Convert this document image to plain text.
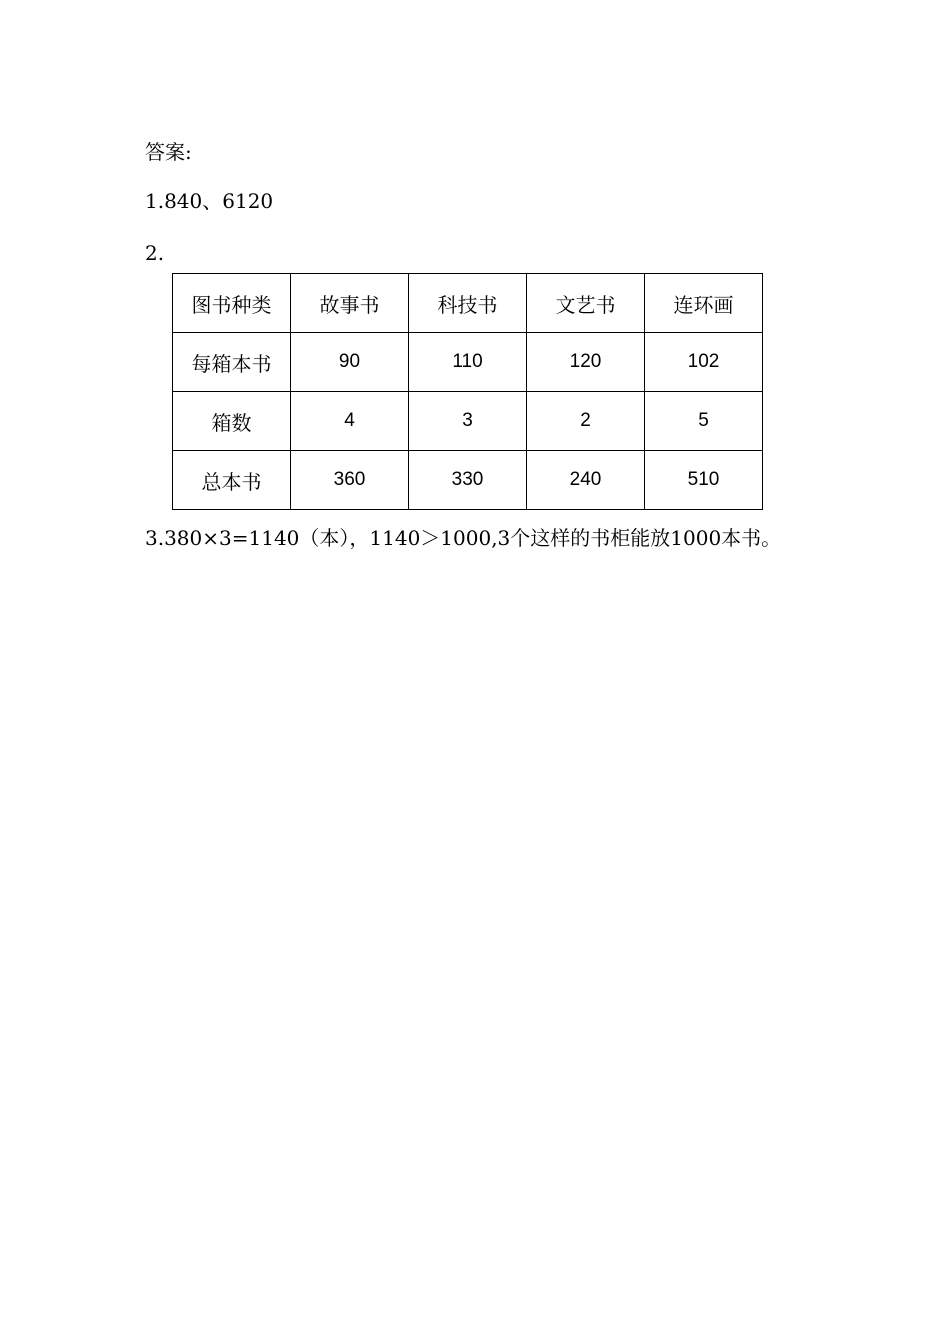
答案:
1.840、6120
2.
图书种类	故事书	科技书	文艺书	连环画
每箱本书	90	110	120	102
箱数	4	3	2	5
总本书	360	330	240	510
3.380×3=1140（本），1140＞1000,3个这样的书柜能放1000本书。
